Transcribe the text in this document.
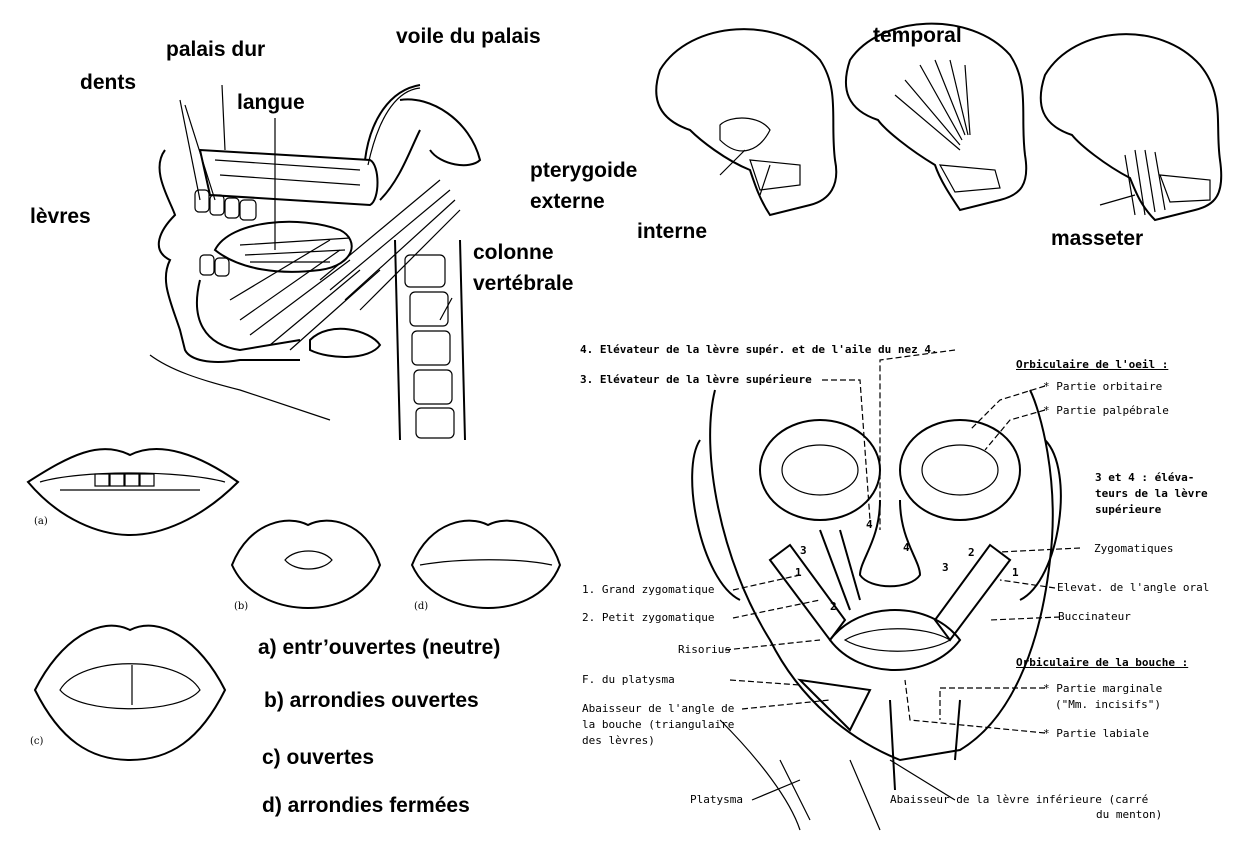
palais dur
voile du palais
dents
langue
lèvres
colonne
vertébrale
temporal
pterygoide
externe
interne	masseter
(a)
(b)
(c)
(d)
a) entr’ouvertes (neutre)
b) arrondies ouvertes
c) ouvertes
d) arrondies fermées
4. Elévateur de la lèvre supér. et de l'aile du nez 4.
3. Elévateur de la lèvre supérieure
1. Grand zygomatique
2. Petit zygomatique
Risorius
F. du platysma
Abaisseur de l'angle de
la bouche (triangulaire
des lèvres)
Platysma
Orbiculaire de l'oeil :
* Partie orbitaire
* Partie palpébrale
3 et 4 : éléva-
teurs de la lèvre
supérieure
Zygomatiques
Elevat. de l'angle oral
Buccinateur
Orbiculaire de la bouche :
* Partie marginale
("Mm. incisifs")
* Partie labiale
Abaisseur de la lèvre inférieure (carré
du menton)
3
4
4	2
3	1
1
2
